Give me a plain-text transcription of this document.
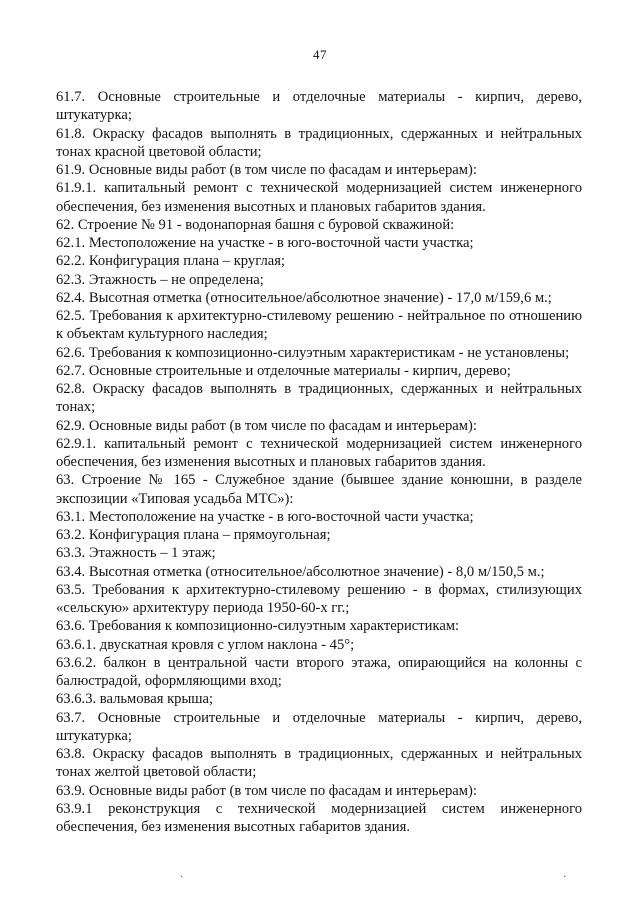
47

61.7. Основные строительные и отделочные материалы - кирпич, дерево, штукатурка;

61.8. Окраску фасадов выполнять в традиционных, сдержанных и нейтральных тонах красной цветовой области;

61.9. Основные виды работ (в том числе по фасадам и интерьерам):

61.9.1. капитальный ремонт с технической модернизацией систем инженерного обеспечения, без изменения высотных и плановых габаритов здания.

62. Строение № 91 - водонапорная башня с буровой скважиной:

62.1. Местоположение на участке - в юго-восточной части участка;

62.2. Конфигурация плана – круглая;

62.3. Этажность – не определена;

62.4. Высотная отметка (относительное/абсолютное значение) - 17,0 м/159,6 м.;

62.5. Требования к архитектурно-стилевому решению - нейтральное по отношению к объектам культурного наследия;

62.6. Требования к композиционно-силуэтным характеристикам - не установлены;

62.7. Основные строительные и отделочные материалы - кирпич, дерево;

62.8. Окраску фасадов выполнять в традиционных, сдержанных и нейтральных тонах;

62.9. Основные виды работ (в том числе по фасадам и интерьерам):

62.9.1. капитальный ремонт с технической модернизацией систем инженерного обеспечения, без изменения высотных и плановых габаритов здания.

63. Строение № 165 - Служебное здание (бывшее здание конюшни, в разделе экспозиции «Типовая усадьба МТС»):

63.1. Местоположение на участке - в юго-восточной части участка;

63.2. Конфигурация плана – прямоугольная;

63.3. Этажность – 1 этаж;

63.4. Высотная отметка (относительное/абсолютное значение) - 8,0 м/150,5 м.;

63.5. Требования к архитектурно-стилевому решению - в формах, стилизующих «сельскую» архитектуру периода 1950-60-х гг.;

63.6. Требования к композиционно-силуэтным характеристикам:

63.6.1. двускатная кровля с углом наклона - 45°;

63.6.2. балкон в центральной части второго этажа, опирающийся на колонны с балюстрадой, оформляющими вход;

63.6.3. вальмовая крыша;

63.7. Основные строительные и отделочные материалы - кирпич, дерево, штукатурка;

63.8. Окраску фасадов выполнять в традиционных, сдержанных и нейтральных тонах желтой цветовой области;

63.9. Основные виды работ (в том числе по фасадам и интерьерам):

63.9.1 реконструкция с технической модернизацией систем инженерного обеспечения, без изменения высотных габаритов здания.

·	·
